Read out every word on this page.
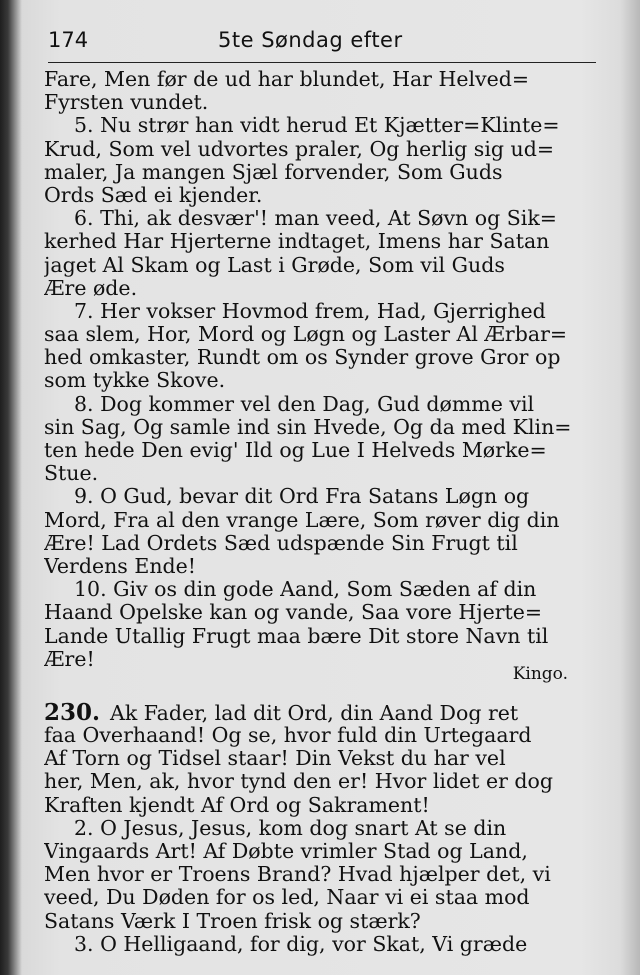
174	5te Søndag efter
Fare, Men før de ud har blundet, Har Helved=
Fyrsten vundet.
5. Nu strør han vidt herud Et Kjætter=Klinte=
Krud, Som vel udvortes praler, Og herlig sig ud=
maler, Ja mangen Sjæl forvender, Som Guds
Ords Sæd ei kjender.
6. Thi, ak desvær'! man veed, At Søvn og Sik=
kerhed Har Hjerterne indtaget, Imens har Satan
jaget Al Skam og Last i Grøde, Som vil Guds
Ære øde.
7. Her vokser Hovmod frem, Had, Gjerrighed
saa slem, Hor, Mord og Løgn og Laster Al Ærbar=
hed omkaster, Rundt om os Synder grove Gror op
som tykke Skove.
8. Dog kommer vel den Dag, Gud dømme vil
sin Sag, Og samle ind sin Hvede, Og da med Klin=
ten hede Den evig' Ild og Lue I Helveds Mørke=
Stue.
9. O Gud, bevar dit Ord Fra Satans Løgn og
Mord, Fra al den vrange Lære, Som røver dig din
Ære! Lad Ordets Sæd udspænde Sin Frugt til
Verdens Ende!
10. Giv os din gode Aand, Som Sæden af din
Haand Opelske kan og vande, Saa vore Hjerte=
Lande Utallig Frugt maa bære Dit store Navn til
Ære!
Kingo.
230. Ak Fader, lad dit Ord, din Aand Dog ret
faa Overhaand! Og se, hvor fuld din Urtegaard
Af Torn og Tidsel staar! Din Vekst du har vel
her, Men, ak, hvor tynd den er! Hvor lidet er dog
Kraften kjendt Af Ord og Sakrament!
2. O Jesus, Jesus, kom dog snart At se din
Vingaards Art! Af Døbte vrimler Stad og Land,
Men hvor er Troens Brand? Hvad hjælper det, vi
veed, Du Døden for os led, Naar vi ei staa mod
Satans Værk I Troen frisk og stærk?
3. O Helligaand, for dig, vor Skat, Vi græde
